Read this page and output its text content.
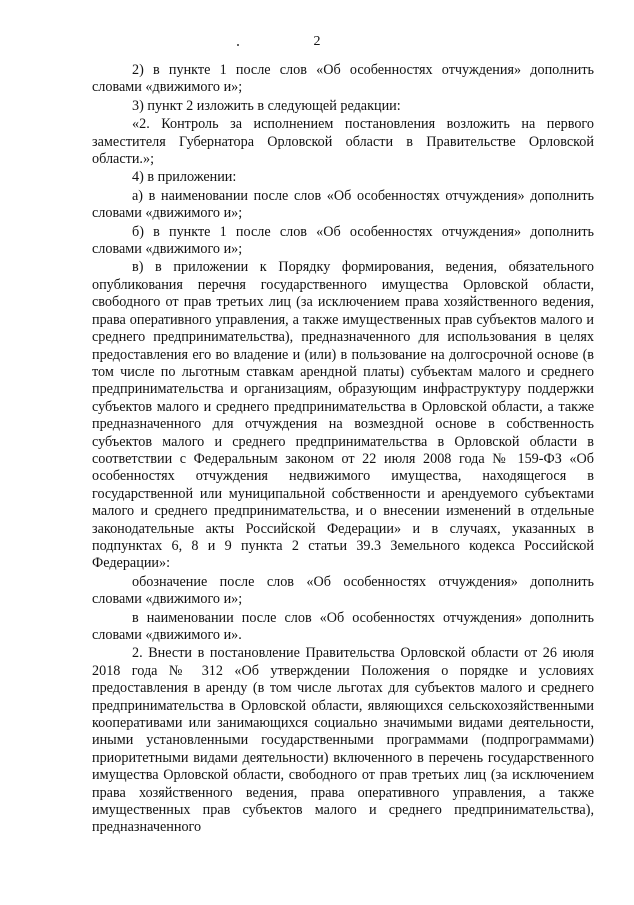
2

2) в пункте 1 после слов «Об особенностях отчуждения» дополнить словами «движимого и»;

3) пункт 2 изложить в следующей редакции:

«2. Контроль за исполнением постановления возложить на первого заместителя Губернатора Орловской области в Правительстве Орловской области.»;

4) в приложении:

а) в наименовании после слов «Об особенностях отчуждения» дополнить словами «движимого и»;

б) в пункте 1 после слов «Об особенностях отчуждения» дополнить словами «движимого и»;

в) в приложении к Порядку формирования, ведения, обязательного опубликования перечня государственного имущества Орловской области, свободного от прав третьих лиц (за исключением права хозяйственного ведения, права оперативного управления, а также имущественных прав субъектов малого и среднего предпринимательства), предназначенного для использования в целях предоставления его во владение и (или) в пользование на долгосрочной основе (в том числе по льготным ставкам арендной платы) субъектам малого и среднего предпринимательства и организациям, образующим инфраструктуру поддержки субъектов малого и среднего предпринимательства в Орловской области, а также предназначенного для отчуждения на возмездной основе в собственность субъектов малого и среднего предпринимательства в Орловской области в соответствии с Федеральным законом от 22 июля 2008 года № 159-ФЗ «Об особенностях отчуждения недвижимого имущества, находящегося в государственной или муниципальной собственности и арендуемого субъектами малого и среднего предпринимательства, и о внесении изменений в отдельные законодательные акты Российской Федерации» и в случаях, указанных в подпунктах 6, 8 и 9 пункта 2 статьи 39.3 Земельного кодекса Российской Федерации»:

обозначение после слов «Об особенностях отчуждения» дополнить словами «движимого и»;

в наименовании после слов «Об особенностях отчуждения» дополнить словами «движимого и».

2. Внести в постановление Правительства Орловской области от 26 июля 2018 года № 312 «Об утверждении Положения о порядке и условиях предоставления в аренду (в том числе льготах для субъектов малого и среднего предпринимательства в Орловской области, являющихся сельскохозяйственными кооперативами или занимающихся социально значимыми видами деятельности, иными установленными государственными программами (подпрограммами) приоритетными видами деятельности) включенного в перечень государственного имущества Орловской области, свободного от прав третьих лиц (за исключением права хозяйственного ведения, права оперативного управления, а также имущественных прав субъектов малого и среднего предпринимательства), предназначенного
